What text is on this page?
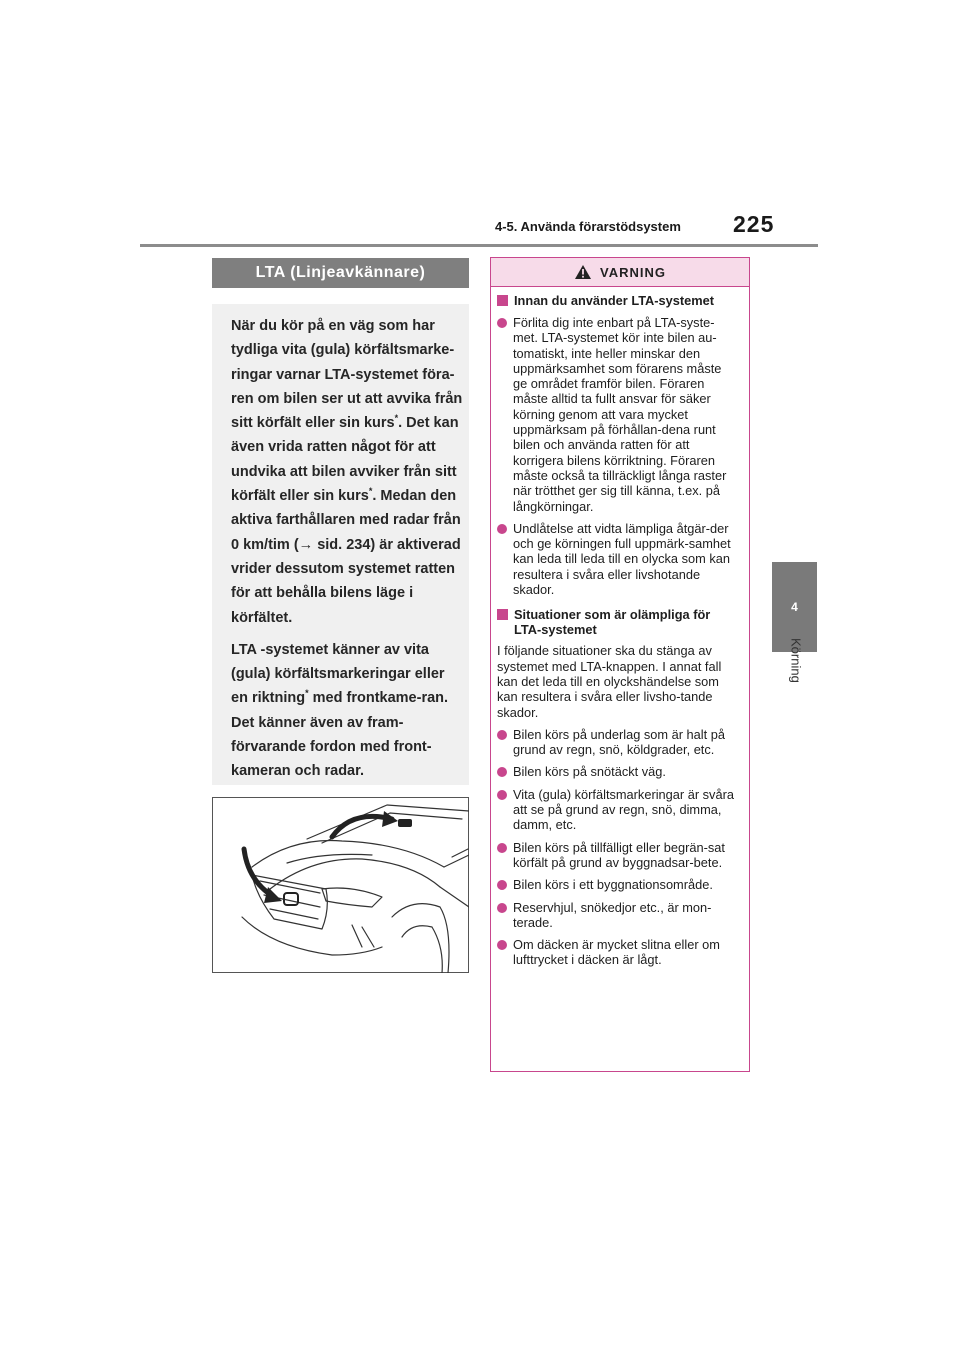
4-5. Använda förarstödsystem 225
4
Körning
LTA (Linjeavkännare)

När du kör på en väg som har tydliga vita (gula) körfältsmarke-ringar varnar LTA-systemet föra-ren om bilen ser ut att avvika från sitt körfält eller sin kurs*. Det kan även vrida ratten något för att undvika att bilen avviker från sitt körfält eller sin kurs*. Medan den aktiva farthållaren med radar från 0 km/tim (→ sid. 234) är aktiverad vrider dessutom systemet ratten för att behålla bilens läge i körfältet.

LTA -systemet känner av vita (gula) körfältsmarkeringar eller en riktning* med frontkame-ran. Det känner även av fram-förvarande fordon med front-kameran och radar.

VARNING
Innan du använder LTA-systemet
Förlita dig inte enbart på LTA-syste-met. LTA-systemet kör inte bilen au-tomatiskt, inte heller minskar den uppmärksamhet som förarens måste ge området framför bilen. Föraren måste alltid ta fullt ansvar för säker körning genom att vara mycket uppmärksam på förhållan-dena runt bilen och använda ratten för att korrigera bilens körriktning. Föraren måste också ta tillräckligt långa raster när trötthet ger sig till känna, t.ex. på långkörningar.
Undlåtelse att vidta lämpliga åtgär-der och ge körningen full uppmärk-samhet kan leda till leda till en olycka som kan resultera i svåra eller livshotande skador.
Situationer som är olämpliga för LTA-systemet

I följande situationer ska du stänga av systemet med LTA-knappen. I annat fall kan det leda till en olyckshändelse som kan resultera i svåra eller livsho-tande skador.

Bilen körs på underlag som är halt på grund av regn, snö, köldgrader, etc.
Bilen körs på snötäckt väg.
Vita (gula) körfältsmarkeringar är svåra att se på grund av regn, snö, dimma, damm, etc.
Bilen körs på tillfälligt eller begrän-sat körfält på grund av byggnadsar-bete.
Bilen körs i ett byggnationsområde.
Reservhjul, snökedjor etc., är mon-terade.
Om däcken är mycket slitna eller om lufttrycket i däcken är lågt.
